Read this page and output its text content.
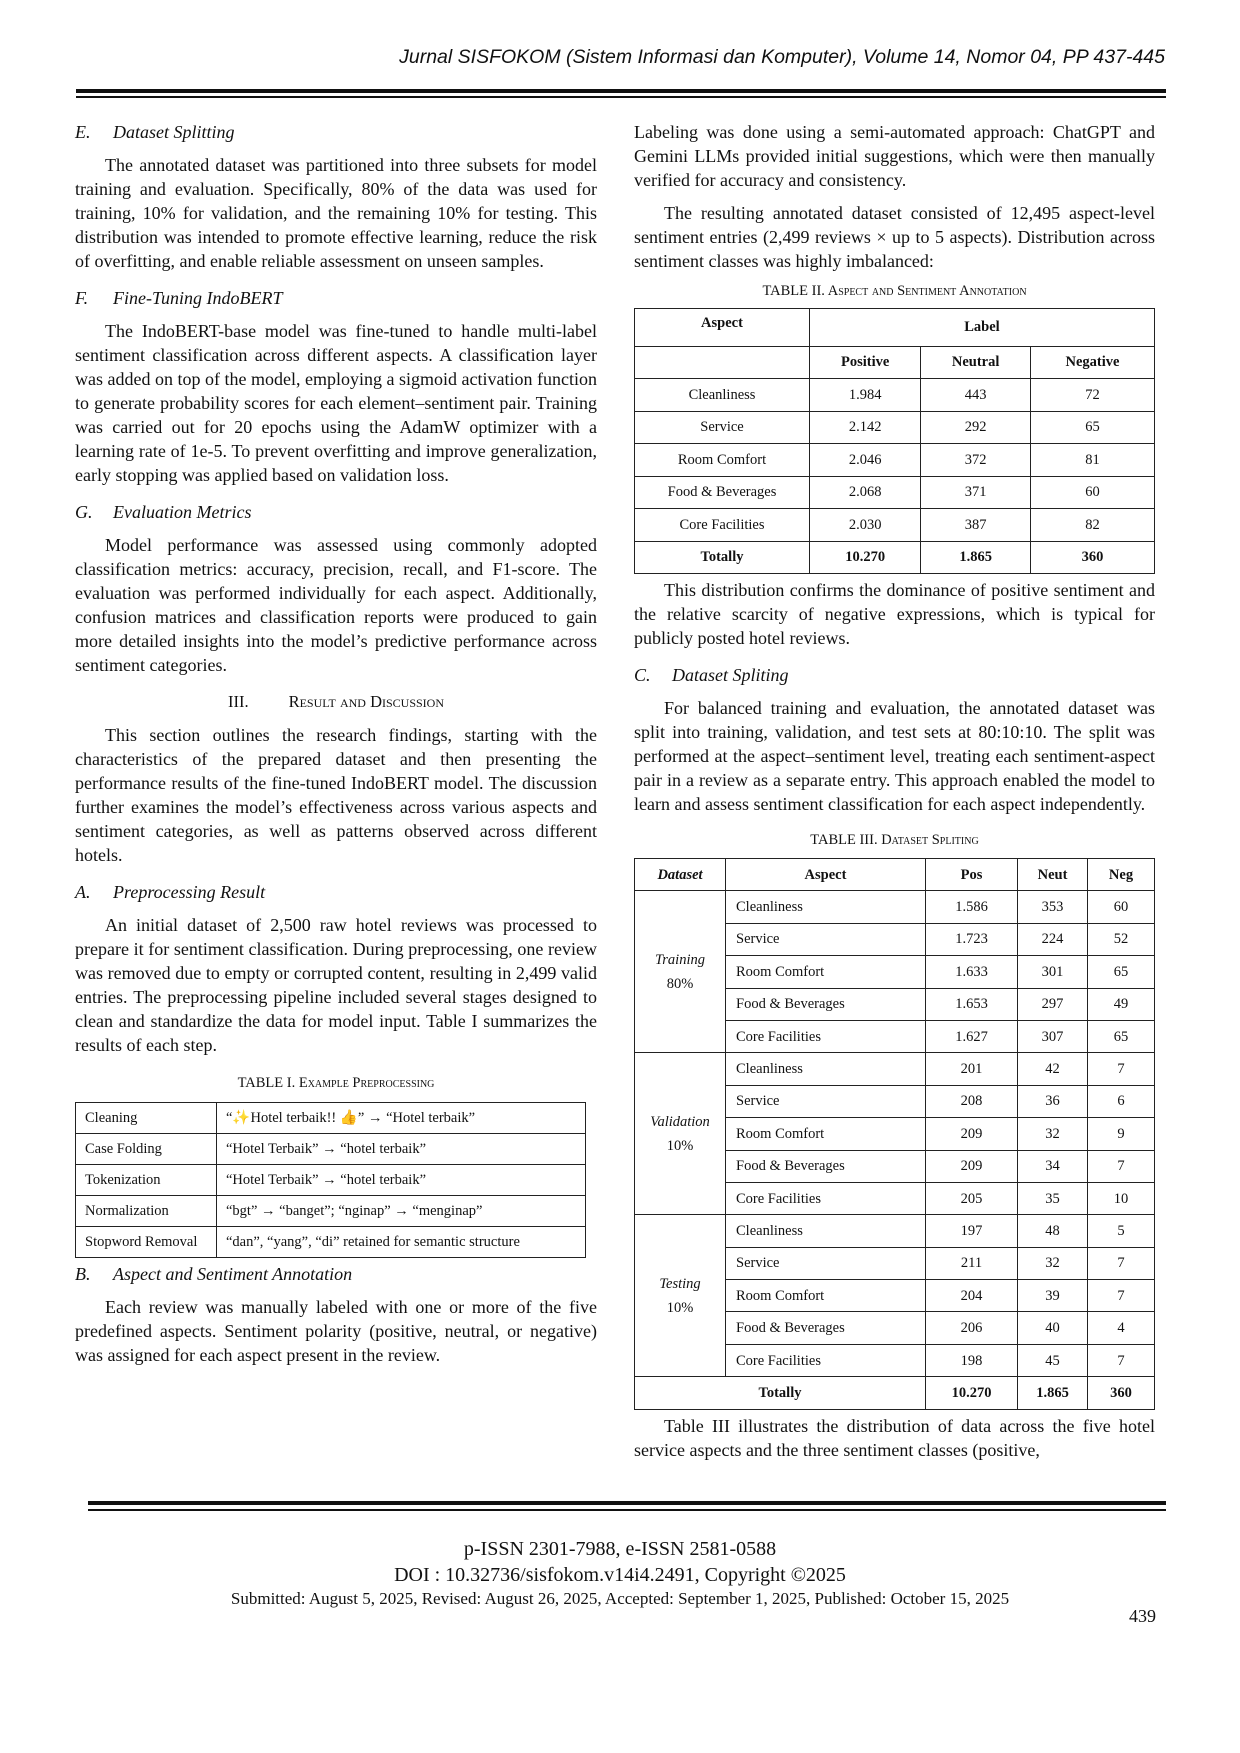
Jurnal SISFOKOM (Sistem Informasi dan Komputer), Volume 14, Nomor 04, PP 437-445

E. Dataset Splitting

The annotated dataset was partitioned into three subsets for model training and evaluation. Specifically, 80% of the data was used for training, 10% for validation, and the remaining 10% for testing. This distribution was intended to promote effective learning, reduce the risk of overfitting, and enable reliable assessment on unseen samples.

F. Fine-Tuning IndoBERT

The IndoBERT-base model was fine-tuned to handle multi-label sentiment classification across different aspects. A classification layer was added on top of the model, employing a sigmoid activation function to generate probability scores for each element–sentiment pair. Training was carried out for 20 epochs using the AdamW optimizer with a learning rate of 1e-5. To prevent overfitting and improve generalization, early stopping was applied based on validation loss.

G. Evaluation Metrics

Model performance was assessed using commonly adopted classification metrics: accuracy, precision, recall, and F1-score. The evaluation was performed individually for each aspect. Additionally, confusion matrices and classification reports were produced to gain more detailed insights into the model’s predictive performance across sentiment categories.

III. Result and Discussion

This section outlines the research findings, starting with the characteristics of the prepared dataset and then presenting the performance results of the fine-tuned IndoBERT model. The discussion further examines the model’s effectiveness across various aspects and sentiment categories, as well as patterns observed across different hotels.

A. Preprocessing Result

An initial dataset of 2,500 raw hotel reviews was processed to prepare it for sentiment classification. During preprocessing, one review was removed due to empty or corrupted content, resulting in 2,499 valid entries. The preprocessing pipeline included several stages designed to clean and standardize the data for model input. Table I summarizes the results of each step.

TABLE I. Example Preprocessing

Cleaning	“✨Hotel terbaik!! 👍” → “Hotel terbaik”
Case Folding	“Hotel Terbaik” → “hotel terbaik”
Tokenization	“Hotel Terbaik” → “hotel terbaik”
Normalization	“bgt” → “banget”; “nginap” → “menginap”
Stopword Removal	“dan”, “yang”, “di” retained for semantic structure

B. Aspect and Sentiment Annotation

Each review was manually labeled with one or more of the five predefined aspects. Sentiment polarity (positive, neutral, or negative) was assigned for each aspect present in the review.

Labeling was done using a semi-automated approach: ChatGPT and Gemini LLMs provided initial suggestions, which were then manually verified for accuracy and consistency.

The resulting annotated dataset consisted of 12,495 aspect-level sentiment entries (2,499 reviews × up to 5 aspects). Distribution across sentiment classes was highly imbalanced:

TABLE II. Aspect and Sentiment Annotation

Aspect	Label		
	Positive	Neutral	Negative
Cleanliness	1.984	443	72
Service	2.142	292	65
Room Comfort	2.046	372	81
Food & Beverages	2.068	371	60
Core Facilities	2.030	387	82
Totally	10.270	1.865	360

This distribution confirms the dominance of positive sentiment and the relative scarcity of negative expressions, which is typical for publicly posted hotel reviews.

C. Dataset Spliting

For balanced training and evaluation, the annotated dataset was split into training, validation, and test sets at 80:10:10. The split was performed at the aspect–sentiment level, treating each sentiment-aspect pair in a review as a separate entry. This approach enabled the model to learn and assess sentiment classification for each aspect independently.

TABLE III. Dataset Spliting

Dataset	Aspect	Pos	Neut	Neg
Training
80%	Cleanliness	1.586	353	60
	Service	1.723	224	52
	Room Comfort	1.633	301	65
	Food & Beverages	1.653	297	49
	Core Facilities	1.627	307	65
Validation
10%	Cleanliness	201	42	7
	Service	208	36	6
	Room Comfort	209	32	9
	Food & Beverages	209	34	7
	Core Facilities	205	35	10
Testing
10%	Cleanliness	197	48	5
	Service	211	32	7
	Room Comfort	204	39	7
	Food & Beverages	206	40	4
	Core Facilities	198	45	7
Totally		10.270	1.865	360

Table III illustrates the distribution of data across the five hotel service aspects and the three sentiment classes (positive,

p-ISSN 2301-7988, e-ISSN 2581-0588
DOI : 10.32736/sisfokom.v14i4.2491, Copyright ©2025
Submitted: August 5, 2025, Revised: August 26, 2025, Accepted: September 1, 2025, Published: October 15, 2025
439
